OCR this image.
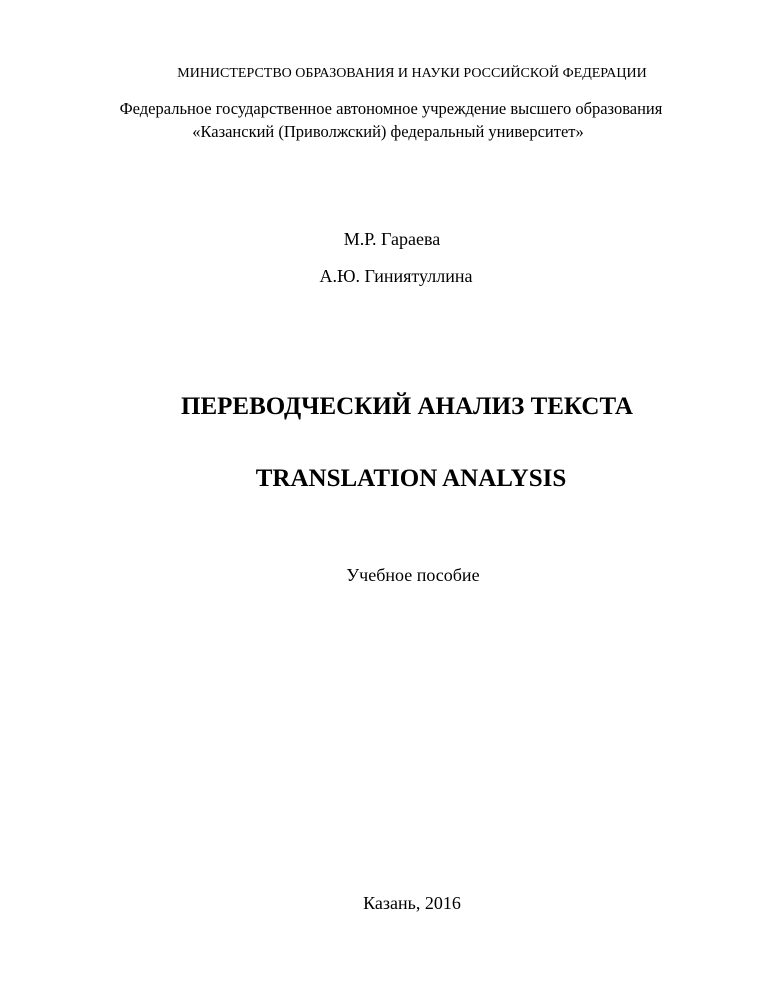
МИНИСТЕРСТВО ОБРАЗОВАНИЯ И НАУКИ РОССИЙСКОЙ ФЕДЕРАЦИИ
Федеральное государственное автономное учреждение высшего образования
«Казанский (Приволжский) федеральный университет»
М.Р. Гараева
А.Ю. Гиниятуллина
ПЕРЕВОДЧЕСКИЙ АНАЛИЗ ТЕКСТА
TRANSLATION ANALYSIS
Учебное пособие
Казань, 2016
